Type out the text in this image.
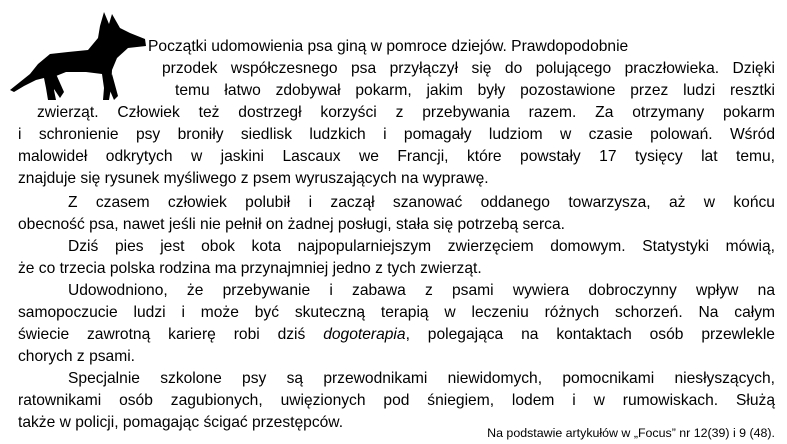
Początki udomowienia psa giną w pomroce dziejów. Prawdopodobnie
przodek współczesnego psa przyłączył się do polującego praczłowieka. Dzięki
temu łatwo zdobywał pokarm, jakim były pozostawione przez ludzi resztki
zwierząt. Człowiek też dostrzegł korzyści z przebywania razem. Za otrzymany pokarm
i schronienie psy broniły siedlisk ludzkich i pomagały ludziom w czasie polowań. Wśród
malowideł odkrytych w jaskini Lascaux we Francji, które powstały 17 tysięcy lat temu,
znajduje się rysunek myśliwego z psem wyruszających na wyprawę.
Z czasem człowiek polubił i zaczął szanować oddanego towarzysza, aż w końcu
obecność psa, nawet jeśli nie pełnił on żadnej posługi, stała się potrzebą serca.
Dziś pies jest obok kota najpopularniejszym zwierzęciem domowym. Statystyki mówią,
że co trzecia polska rodzina ma przynajmniej jedno z tych zwierząt.
Udowodniono, że przebywanie i zabawa z psami wywiera dobroczynny wpływ na
samopoczucie ludzi i może być skuteczną terapią w leczeniu różnych schorzeń. Na całym
świecie zawrotną karierę robi dziś dogoterapia, polegająca na kontaktach osób przewlekle
chorych z psami.
Specjalnie szkolone psy są przewodnikami niewidomych, pomocnikami niesłyszących,
ratownikami osób zagubionych, uwięzionych pod śniegiem, lodem i w rumowiskach. Służą
także w policji, pomagając ścigać przestępców.
Na podstawie artykułów w „Focus” nr 12(39) i 9 (48).
